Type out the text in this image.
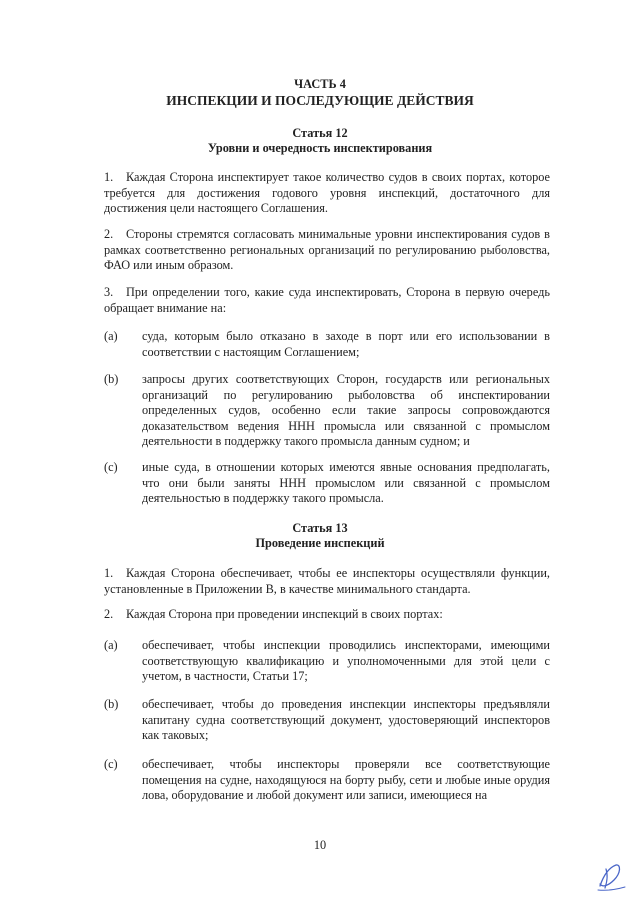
ЧАСТЬ 4
ИНСПЕКЦИИ И ПОСЛЕДУЮЩИЕ ДЕЙСТВИЯ
Статья 12
Уровни и очередность инспектирования
1. Каждая Сторона инспектирует такое количество судов в своих портах, которое требуется для достижения годового уровня инспекций, достаточного для достижения цели настоящего Соглашения.
2. Стороны стремятся согласовать минимальные уровни инспектирования судов в рамках соответственно региональных организаций по регулированию рыболовства, ФАО или иным образом.
3. При определении того, какие суда инспектировать, Сторона в первую очередь обращает внимание на:
(a) суда, которым было отказано в заходе в порт или его использовании в соответствии с настоящим Соглашением;
(b) запросы других соответствующих Сторон, государств или региональных организаций по регулированию рыболовства об инспектировании определенных судов, особенно если такие запросы сопровождаются доказательством ведения ННН промысла или связанной с промыслом деятельности в поддержку такого промысла данным судном; и
(c) иные суда, в отношении которых имеются явные основания предполагать, что они были заняты ННН промыслом или связанной с промыслом деятельностью в поддержку такого промысла.
Статья 13
Проведение инспекций
1. Каждая Сторона обеспечивает, чтобы ее инспекторы осуществляли функции, установленные в Приложении B, в качестве минимального стандарта.
2. Каждая Сторона при проведении инспекций в своих портах:
(a) обеспечивает, чтобы инспекции проводились инспекторами, имеющими соответствующую квалификацию и уполномоченными для этой цели с учетом, в частности, Статьи 17;
(b) обеспечивает, чтобы до проведения инспекции инспекторы предъявляли капитану судна соответствующий документ, удостоверяющий инспекторов как таковых;
(c) обеспечивает, чтобы инспекторы проверяли все соответствующие помещения на судне, находящуюся на борту рыбу, сети и любые иные орудия лова, оборудование и любой документ или записи, имеющиеся на
10
